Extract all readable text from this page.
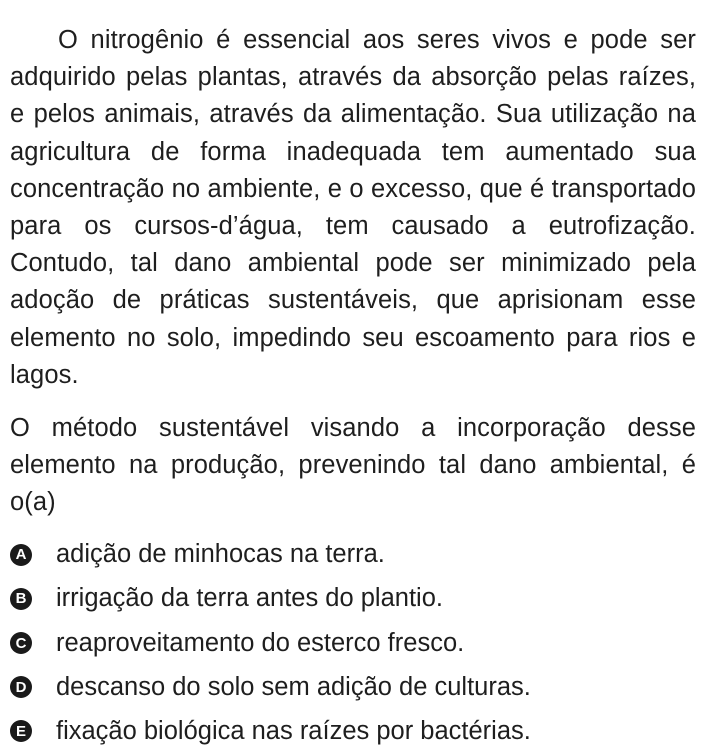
O nitrogênio é essencial aos seres vivos e pode ser adquirido pelas plantas, através da absorção pelas raízes, e pelos animais, através da alimentação. Sua utilização na agricultura de forma inadequada tem aumentado sua concentração no ambiente, e o excesso, que é transportado para os cursos-d’água, tem causado a eutrofização. Contudo, tal dano ambiental pode ser minimizado pela adoção de práticas sustentáveis, que aprisionam esse elemento no solo, impedindo seu escoamento para rios e lagos.

O método sustentável visando a incorporação desse elemento na produção, prevenindo tal dano ambiental, é o(a)

A adição de minhocas na terra.
B irrigação da terra antes do plantio.
C reaproveitamento do esterco fresco.
D descanso do solo sem adição de culturas.
E fixação biológica nas raízes por bactérias.
